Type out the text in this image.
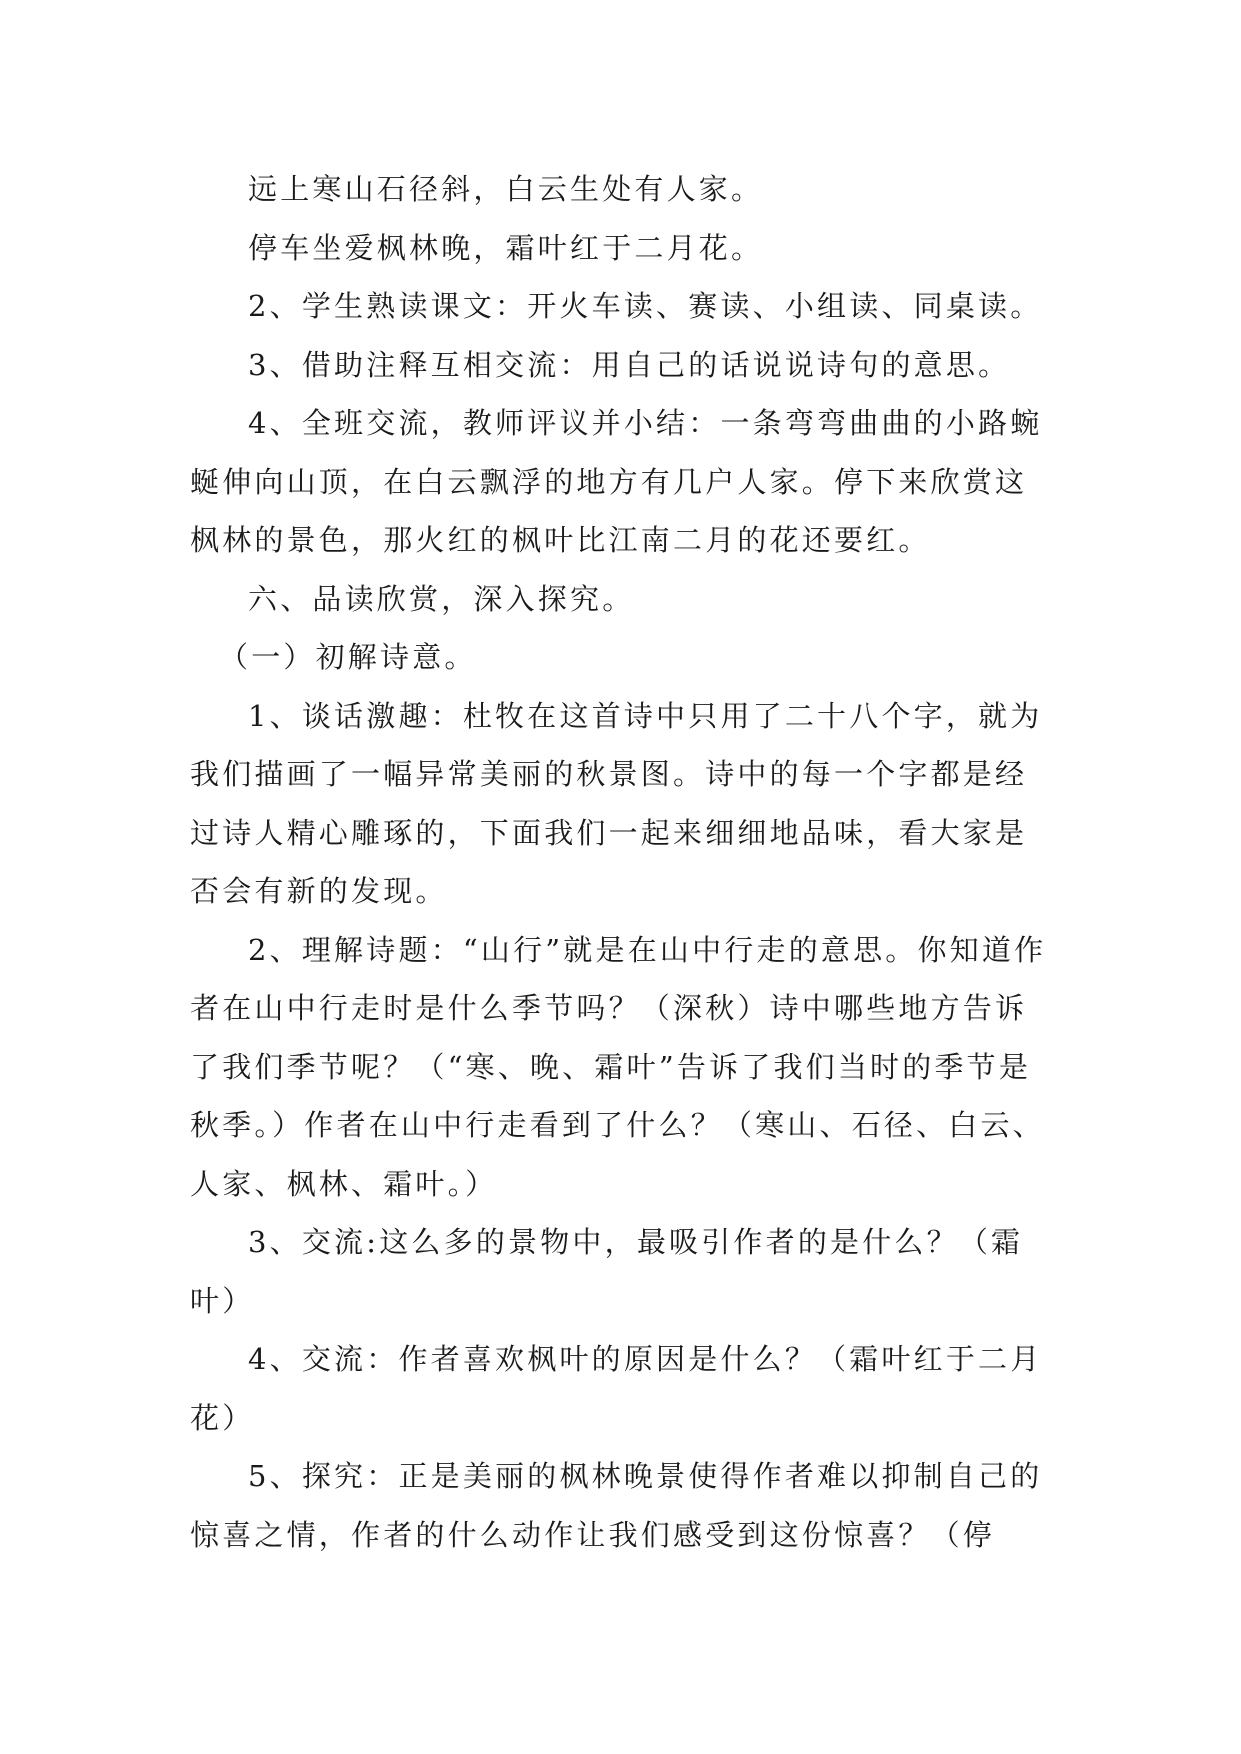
远上寒山石径斜，白云生处有人家。

停车坐爱枫林晚，霜叶红于二月花。

2、学生熟读课文：开火车读、赛读、小组读、同桌读。

3、借助注释互相交流：用自己的话说说诗句的意思。

4、全班交流，教师评议并小结：一条弯弯曲曲的小路蜿蜒伸向山顶，在白云飘浮的地方有几户人家。停下来欣赏这枫林的景色，那火红的枫叶比江南二月的花还要红。

六、品读欣赏，深入探究。

（一）初解诗意。

1、谈话激趣：杜牧在这首诗中只用了二十八个字，就为我们描画了一幅异常美丽的秋景图。诗中的每一个字都是经过诗人精心雕琢的，下面我们一起来细细地品味，看大家是否会有新的发现。

2、理解诗题：“山行”就是在山中行走的意思。你知道作者在山中行走时是什么季节吗？（深秋）诗中哪些地方告诉了我们季节呢？（“寒、晚、霜叶”告诉了我们当时的季节是秋季。）作者在山中行走看到了什么？（寒山、石径、白云、人家、枫林、霜叶。）

3、交流:这么多的景物中，最吸引作者的是什么？（霜叶）

4、交流：作者喜欢枫叶的原因是什么？（霜叶红于二月花）

5、探究：正是美丽的枫林晚景使得作者难以抑制自己的惊喜之情，作者的什么动作让我们感受到这份惊喜？（停
